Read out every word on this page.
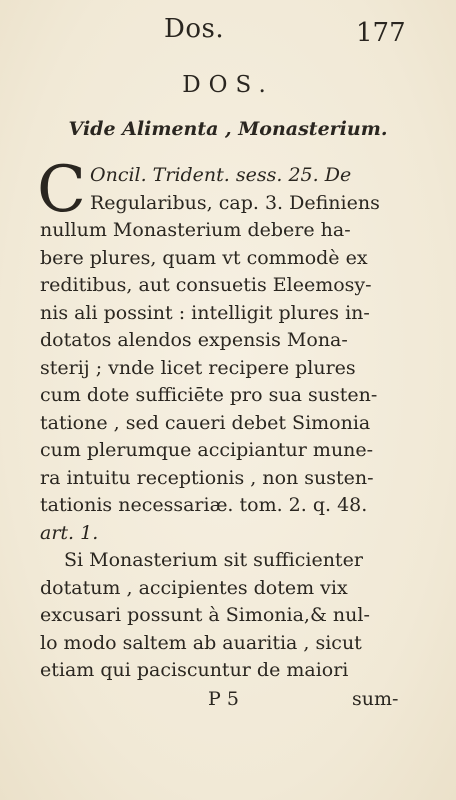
Dos.	177
DOS.
Vide Alimenta , Monasterium.
C Oncil. Trident. sess. 25. De
Regularibus, cap. 3. Definiens
nullum Monasterium debere ha-
bere plures, quam vt commodè ex
reditibus, aut consuetis Eleemosy-
nis ali possint : intelligit plures in-
dotatos alendos expensis Mona-
sterij ; vnde licet recipere plures
cum dote sufficiēte pro sua susten-
tatione , sed caueri debet Simonia
cum plerumque accipiantur mune-
ra intuitu receptionis , non susten-
tationis necessariæ. tom. 2. q. 48.
art. 1.
Si Monasterium sit sufficienter
dotatum , accipientes dotem vix
excusari possunt à Simonia,& nul-
lo modo saltem ab auaritia , sicut
etiam qui paciscuntur de maiori
P 5	sum-
